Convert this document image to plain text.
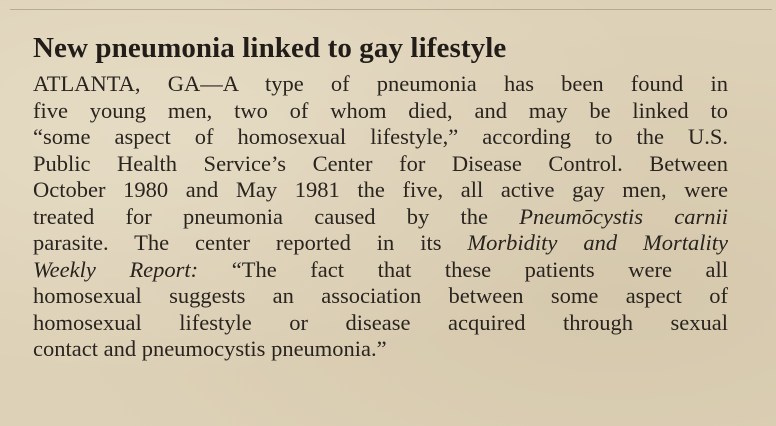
New pneumonia linked to gay lifestyle
ATLANTA, GA—A type of pneumonia has been found in
five young men, two of whom died, and may be linked to
“some aspect of homosexual lifestyle,” according to the U.S.
Public Health Service’s Center for Disease Control. Between
October 1980 and May 1981 the five, all active gay men, were
treated for pneumonia caused by the Pneumōcystis carnii
parasite. The center reported in its Morbidity and Mortality
Weekly Report: “The fact that these patients were all
homosexual suggests an association between some aspect of
homosexual lifestyle or disease acquired through sexual
contact and pneumocystis pneumonia.”
